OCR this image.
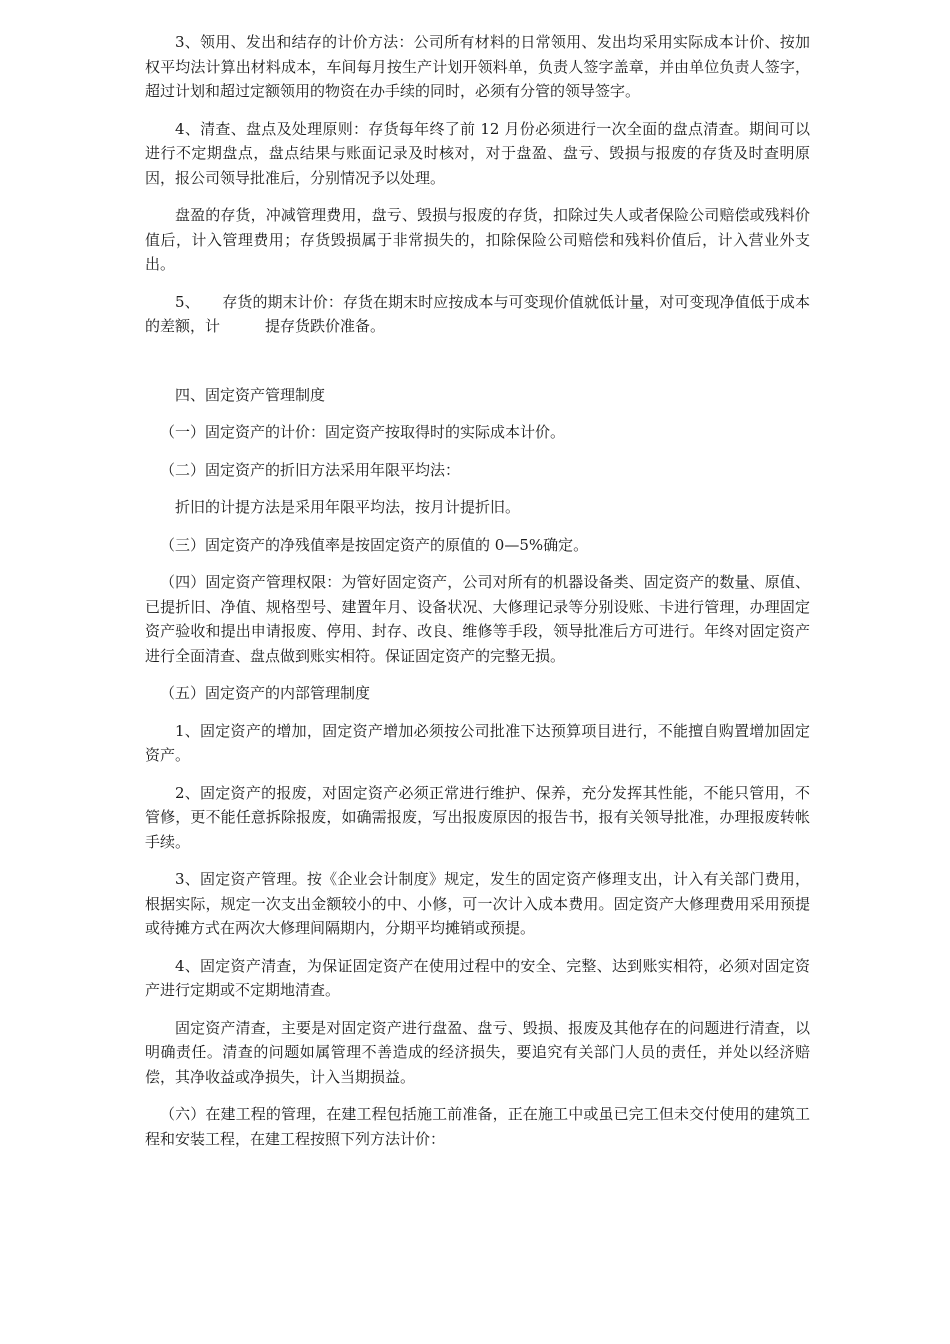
3、领用、发出和结存的计价方法：公司所有材料的日常领用、发出均采用实际成本计价、按加权平均法计算出材料成本，车间每月按生产计划开领料单，负责人签字盖章，并由单位负责人签字，超过计划和超过定额领用的物资在办手续的同时，必须有分管的领导签字。

4、清查、盘点及处理原则：存货每年终了前 12 月份必须进行一次全面的盘点清查。期间可以进行不定期盘点，盘点结果与账面记录及时核对，对于盘盈、盘亏、毁损与报废的存货及时查明原因，报公司领导批准后，分别情况予以处理。

盘盈的存货，冲减管理费用，盘亏、毁损与报废的存货，扣除过失人或者保险公司赔偿或残料价值后，计入管理费用；存货毁损属于非常损失的，扣除保险公司赔偿和残料价值后，计入营业外支出。

5、　　存货的期末计价：存货在期末时应按成本与可变现价值就低计量，对可变现净值低于成本的差额，计　　　提存货跌价准备。

四、固定资产管理制度

（一）固定资产的计价：固定资产按取得时的实际成本计价。

（二）固定资产的折旧方法采用年限平均法：

折旧的计提方法是采用年限平均法，按月计提折旧。

（三）固定资产的净残值率是按固定资产的原值的 0—5%确定。

（四）固定资产管理权限：为管好固定资产，公司对所有的机器设备类、固定资产的数量、原值、已提折旧、净值、规格型号、建置年月、设备状况、大修理记录等分别设账、卡进行管理，办理固定资产验收和提出申请报废、停用、封存、改良、维修等手段，领导批准后方可进行。年终对固定资产进行全面清查、盘点做到账实相符。保证固定资产的完整无损。

（五）固定资产的内部管理制度

1、固定资产的增加，固定资产增加必须按公司批准下达预算项目进行，不能擅自购置增加固定资产。

2、固定资产的报废，对固定资产必须正常进行维护、保养，充分发挥其性能，不能只管用，不管修，更不能任意拆除报废，如确需报废，写出报废原因的报告书，报有关领导批准，办理报废转帐手续。

3、固定资产管理。按《企业会计制度》规定，发生的固定资产修理支出，计入有关部门费用，根据实际，规定一次支出金额较小的中、小修，可一次计入成本费用。固定资产大修理费用采用预提或待摊方式在两次大修理间隔期内，分期平均摊销或预提。

4、固定资产清查，为保证固定资产在使用过程中的安全、完整、达到账实相符，必须对固定资产进行定期或不定期地清查。

固定资产清查，主要是对固定资产进行盘盈、盘亏、毁损、报废及其他存在的问题进行清查，以明确责任。清查的问题如属管理不善造成的经济损失，要追究有关部门人员的责任，并处以经济赔偿，其净收益或净损失，计入当期损益。

（六）在建工程的管理，在建工程包括施工前准备，正在施工中或虽已完工但未交付使用的建筑工程和安装工程，在建工程按照下列方法计价：
